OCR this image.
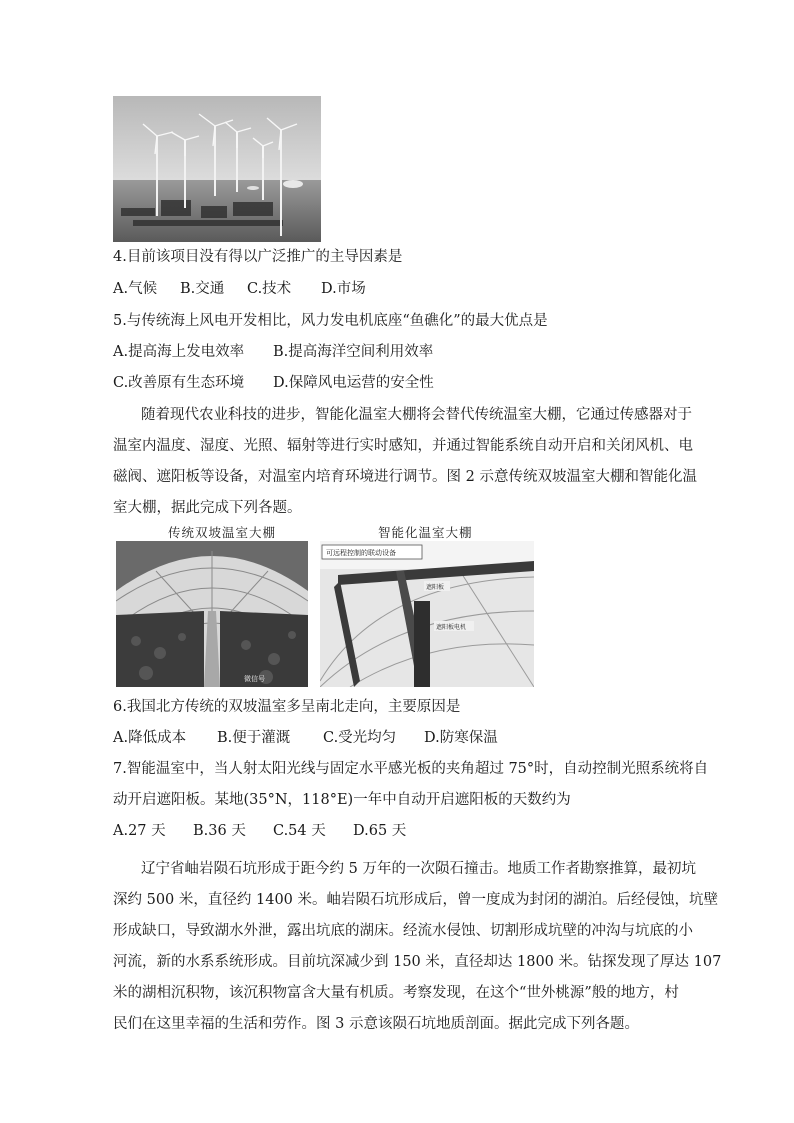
4.目前该项目没有得以广泛推广的主导因素是
A.气候 B.交通 C.技术 D.市场
5.与传统海上风电开发相比，风力发电机底座“鱼礁化”的最大优点是
A.提高海上发电效率 B.提高海洋空间利用效率
C.改善原有生态环境 D.保障风电运营的安全性
随着现代农业科技的进步，智能化温室大棚将会替代传统温室大棚，它通过传感器对于
温室内温度、湿度、光照、辐射等进行实时感知，并通过智能系统自动开启和关闭风机、电
磁阀、遮阳板等设备，对温室内培育环境进行调节。图 2 示意传统双坡温室大棚和智能化温
室大棚，据此完成下列各题。
传统双坡温室大棚	智能化温室大棚
微信号
可远程控制的联动设备
遮阳板
遮阳板电机
6.我国北方传统的双坡温室多呈南北走向，主要原因是
A.降低成本 B.便于灌溉 C.受光均匀 D.防寒保温
7.智能温室中，当人射太阳光线与固定水平感光板的夹角超过 75°时，自动控制光照系统将自
动开启遮阳板。某地(35°N，118°E)一年中自动开启遮阳板的天数约为
A.27 天 B.36 天 C.54 天 D.65 天
辽宁省岫岩陨石坑形成于距今约 5 万年的一次陨石撞击。地质工作者勘察推算，最初坑
深约 500 米，直径约 1400 米。岫岩陨石坑形成后，曾一度成为封闭的湖泊。后经侵蚀，坑壁
形成缺口，导致湖水外泄，露出坑底的湖床。经流水侵蚀、切割形成坑壁的冲沟与坑底的小
河流，新的水系系统形成。目前坑深减少到 150 米，直径却达 1800 米。钻探发现了厚达 107
米的湖相沉积物，该沉积物富含大量有机质。考察发现，在这个“世外桃源”般的地方，村
民们在这里幸福的生活和劳作。图 3 示意该陨石坑地质剖面。据此完成下列各题。
